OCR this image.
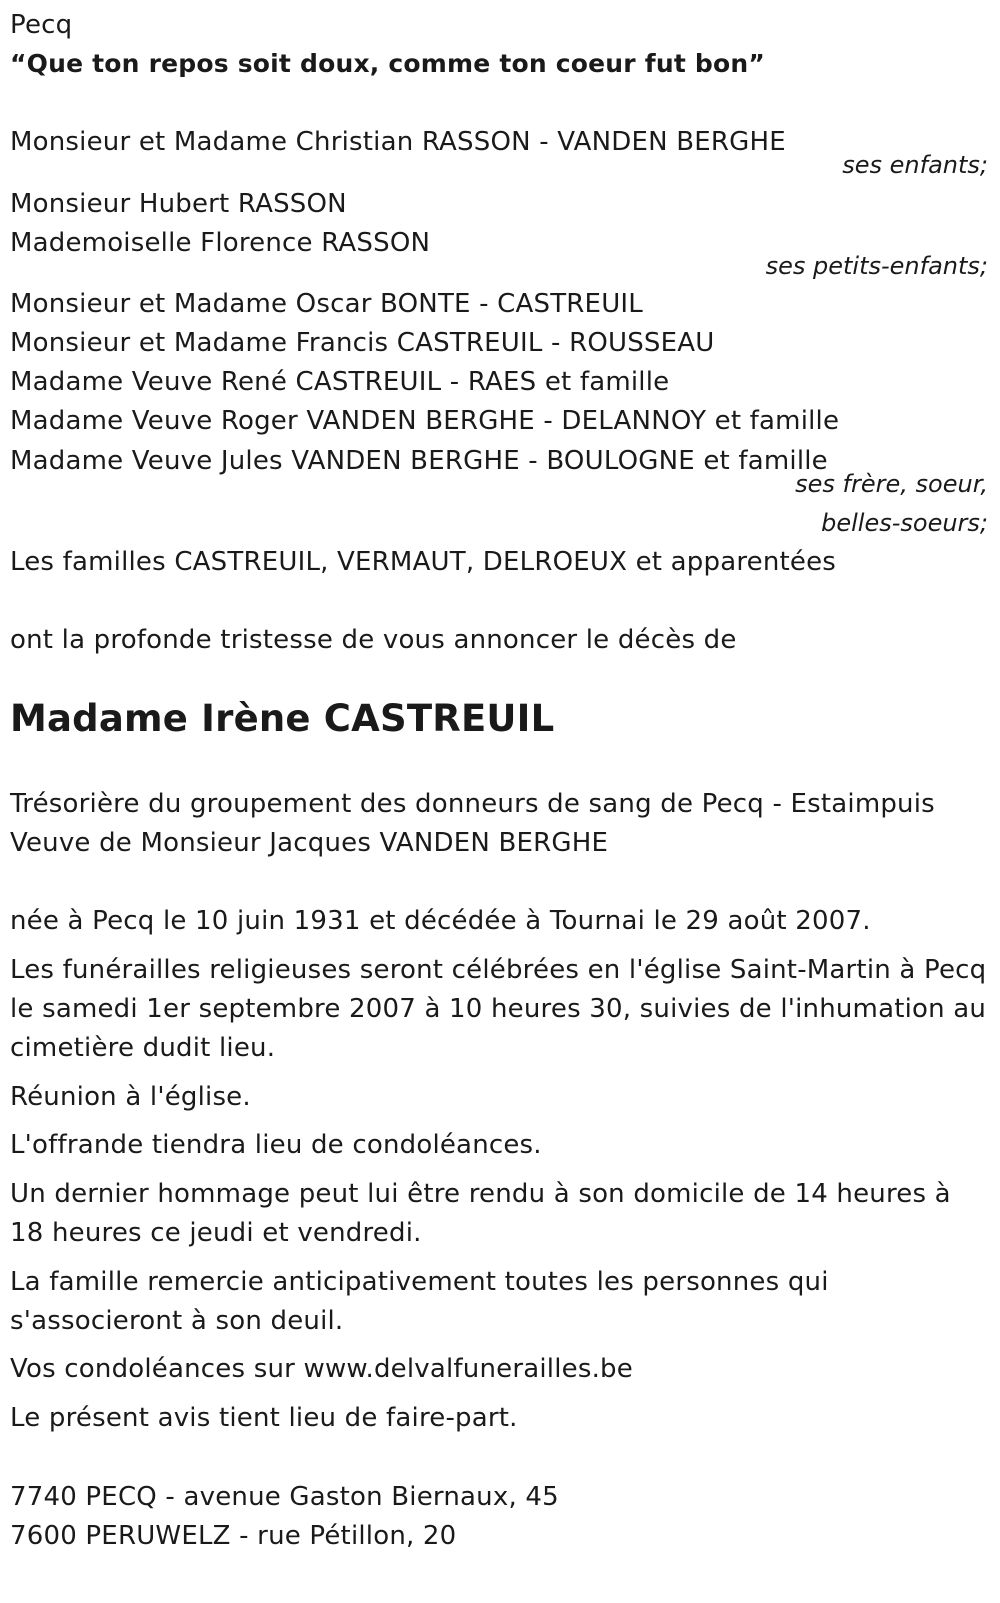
Pecq
“Que ton repos soit doux, comme ton coeur fut bon”
Monsieur et Madame Christian RASSON - VANDEN BERGHE
ses enfants;
Monsieur Hubert RASSON
Mademoiselle Florence RASSON
ses petits-enfants;
Monsieur et Madame Oscar BONTE - CASTREUIL
Monsieur et Madame Francis CASTREUIL - ROUSSEAU
Madame Veuve René CASTREUIL - RAES et famille
Madame Veuve Roger VANDEN BERGHE - DELANNOY et famille
Madame Veuve Jules VANDEN BERGHE - BOULOGNE et famille
ses frère, soeur,
belles-soeurs;
Les familles CASTREUIL, VERMAUT, DELROEUX et apparentées
ont la profonde tristesse de vous annoncer le décès de
Madame Irène CASTREUIL
Trésorière du groupement des donneurs de sang de Pecq - Estaimpuis
Veuve de Monsieur Jacques VANDEN BERGHE
née à Pecq le 10 juin 1931 et décédée à Tournai le 29 août 2007.
Les funérailles religieuses seront célébrées en l'église Saint-Martin à Pecq
le samedi 1er septembre 2007 à 10 heures 30, suivies de l'inhumation au
cimetière dudit lieu.
Réunion à l'église.
L'offrande tiendra lieu de condoléances.
Un dernier hommage peut lui être rendu à son domicile de 14 heures à
18 heures ce jeudi et vendredi.
La famille remercie anticipativement toutes les personnes qui
s'associeront à son deuil.
Vos condoléances sur www.delvalfunerailles.be
Le présent avis tient lieu de faire-part.
7740 PECQ - avenue Gaston Biernaux, 45
7600 PERUWELZ - rue Pétillon, 20
